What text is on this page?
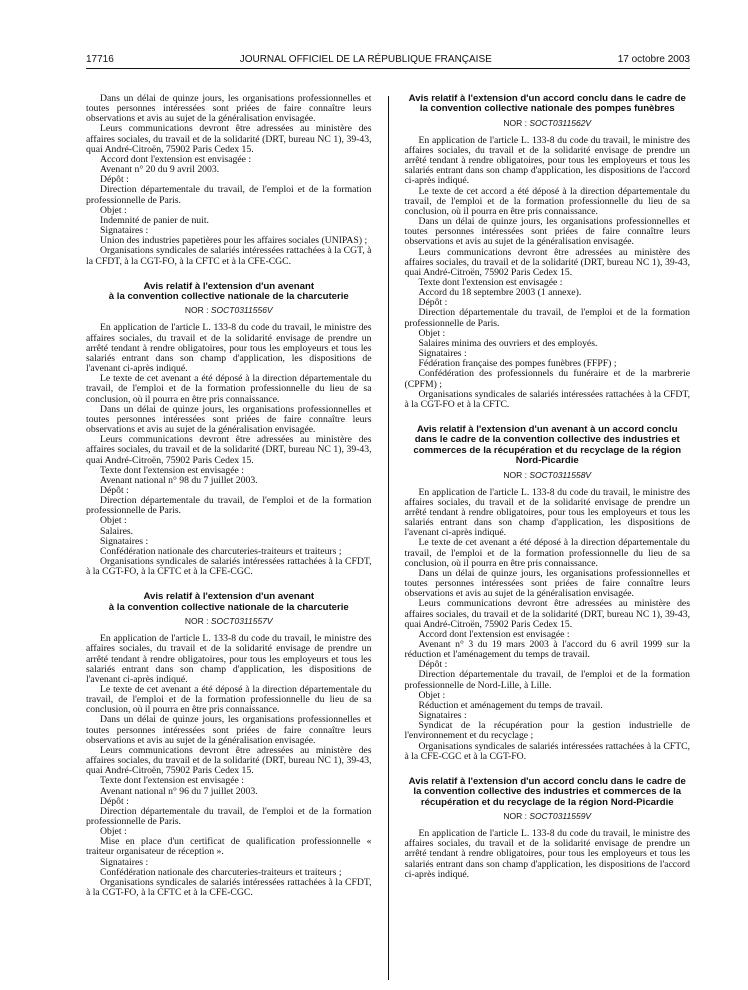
17716	JOURNAL OFFICIEL DE LA RÉPUBLIQUE FRANÇAISE	17 octobre 2003

Dans un délai de quinze jours, les organisations professionnelles et toutes personnes intéressées sont priées de faire connaître leurs observations et avis au sujet de la généralisation envisagée.

Leurs communications devront être adressées au ministère des affaires sociales, du travail et de la solidarité (DRT, bureau NC 1), 39-43, quai André-Citroën, 75902 Paris Cedex 15.

Accord dont l'extension est envisagée :

Avenant n° 20 du 9 avril 2003.

Dépôt :

Direction départementale du travail, de l'emploi et de la formation professionnelle de Paris.

Objet :

Indemnité de panier de nuit.

Signataires :

Union des industries papetières pour les affaires sociales (UNIPAS) ;

Organisations syndicales de salariés intéressées rattachées à la CGT, à la CFDT, à la CGT-FO, à la CFTC et à la CFE-CGC.

Avis relatif à l'extension d'un avenant
à la convention collective nationale de la charcuterie
NOR : SOCT0311556V

En application de l'article L. 133-8 du code du travail, le ministre des affaires sociales, du travail et de la solidarité envisage de prendre un arrêté tendant à rendre obligatoires, pour tous les employeurs et tous les salariés entrant dans son champ d'application, les dispositions de l'avenant ci-après indiqué.

Le texte de cet avenant a été déposé à la direction départementale du travail, de l'emploi et de la formation professionnelle du lieu de sa conclusion, où il pourra en être pris connaissance.

Dans un délai de quinze jours, les organisations professionnelles et toutes personnes intéressées sont priées de faire connaître leurs observations et avis au sujet de la généralisation envisagée.

Leurs communications devront être adressées au ministère des affaires sociales, du travail et de la solidarité (DRT, bureau NC 1), 39-43, quai André-Citroën, 75902 Paris Cedex 15.

Texte dont l'extension est envisagée :

Avenant national n° 98 du 7 juillet 2003.

Dépôt :

Direction départementale du travail, de l'emploi et de la formation professionnelle de Paris.

Objet :

Salaires.

Signataires :

Confédération nationale des charcuteries-traiteurs et traiteurs ;

Organisations syndicales de salariés intéressées rattachées à la CFDT, à la CGT-FO, à la CFTC et à la CFE-CGC.

Avis relatif à l'extension d'un avenant
à la convention collective nationale de la charcuterie
NOR : SOCT0311557V

En application de l'article L. 133-8 du code du travail, le ministre des affaires sociales, du travail et de la solidarité envisage de prendre un arrêté tendant à rendre obligatoires, pour tous les employeurs et tous les salariés entrant dans son champ d'application, les dispositions de l'avenant ci-après indiqué.

Le texte de cet avenant a été déposé à la direction départementale du travail, de l'emploi et de la formation professionnelle du lieu de sa conclusion, où il pourra en être pris connaissance.

Dans un délai de quinze jours, les organisations professionnelles et toutes personnes intéressées sont priées de faire connaître leurs observations et avis au sujet de la généralisation envisagée.

Leurs communications devront être adressées au ministère des affaires sociales, du travail et de la solidarité (DRT, bureau NC 1), 39-43, quai André-Citroën, 75902 Paris Cedex 15.

Texte dont l'extension est envisagée :

Avenant national n° 96 du 7 juillet 2003.

Dépôt :

Direction départementale du travail, de l'emploi et de la formation professionnelle de Paris.

Objet :

Mise en place d'un certificat de qualification professionnelle « traiteur organisateur de réception ».

Signataires :

Confédération nationale des charcuteries-traiteurs et traiteurs ;

Organisations syndicales de salariés intéressées rattachées à la CFDT, à la CGT-FO, à la CFTC et à la CFE-CGC.

Avis relatif à l'extension d'un accord conclu dans le cadre de la convention collective nationale des pompes funèbres
NOR : SOCT0311562V

En application de l'article L. 133-8 du code du travail, le ministre des affaires sociales, du travail et de la solidarité envisage de prendre un arrêté tendant à rendre obligatoires, pour tous les employeurs et tous les salariés entrant dans son champ d'application, les dispositions de l'accord ci-après indiqué.

Le texte de cet accord a été déposé à la direction départementale du travail, de l'emploi et de la formation professionnelle du lieu de sa conclusion, où il pourra en être pris connaissance.

Dans un délai de quinze jours, les organisations professionnelles et toutes personnes intéressées sont priées de faire connaître leurs observations et avis au sujet de la généralisation envisagée.

Leurs communications devront être adressées au ministère des affaires sociales, du travail et de la solidarité (DRT, bureau NC 1), 39-43, quai André-Citroën, 75902 Paris Cedex 15.

Texte dont l'extension est envisagée :

Accord du 18 septembre 2003 (1 annexe).

Dépôt :

Direction départementale du travail, de l'emploi et de la formation professionnelle de Paris.

Objet :

Salaires minima des ouvriers et des employés.

Signataires :

Fédération française des pompes funèbres (FFPF) ;

Confédération des professionnels du funéraire et de la marbrerie (CPFM) ;

Organisations syndicales de salariés intéressées rattachées à la CFDT, à la CGT-FO et à la CFTC.

Avis relatif à l'extension d'un avenant à un accord conclu dans le cadre de la convention collective des industries et commerces de la récupération et du recyclage de la région Nord-Picardie
NOR : SOCT0311558V

En application de l'article L. 133-8 du code du travail, le ministre des affaires sociales, du travail et de la solidarité envisage de prendre un arrêté tendant à rendre obligatoires, pour tous les employeurs et tous les salariés entrant dans son champ d'application, les dispositions de l'avenant ci-après indiqué.

Le texte de cet avenant a été déposé à la direction départementale du travail, de l'emploi et de la formation professionnelle du lieu de sa conclusion, où il pourra en être pris connaissance.

Dans un délai de quinze jours, les organisations professionnelles et toutes personnes intéressées sont priées de faire connaître leurs observations et avis au sujet de la généralisation envisagée.

Leurs communications devront être adressées au ministère des affaires sociales, du travail et de la solidarité (DRT, bureau NC 1), 39-43, quai André-Citroën, 75902 Paris Cedex 15.

Accord dont l'extension est envisagée :

Avenant n° 3 du 19 mars 2003 à l'accord du 6 avril 1999 sur la réduction et l'aménagement du temps de travail.

Dépôt :

Direction départementale du travail, de l'emploi et de la formation professionnelle de Nord-Lille, à Lille.

Objet :

Réduction et aménagement du temps de travail.

Signataires :

Syndicat de la récupération pour la gestion industrielle de l'environnement et du recyclage ;

Organisations syndicales de salariés intéressées rattachées à la CFTC, à la CFE-CGC et à la CGT-FO.

Avis relatif à l'extension d'un accord conclu dans le cadre de la convention collective des industries et commerces de la récupération et du recyclage de la région Nord-Picardie
NOR : SOCT0311559V

En application de l'article L. 133-8 du code du travail, le ministre des affaires sociales, du travail et de la solidarité envisage de prendre un arrêté tendant à rendre obligatoires, pour tous les employeurs et tous les salariés entrant dans son champ d'application, les dispositions de l'accord ci-après indiqué.
